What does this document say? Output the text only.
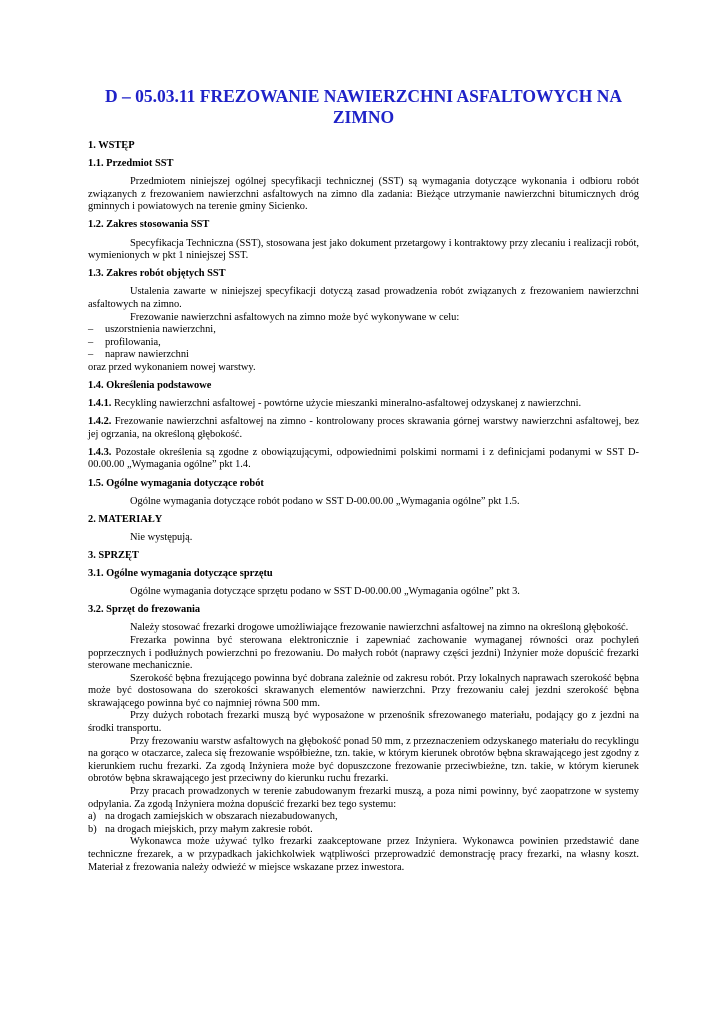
D – 05.03.11 FREZOWANIE NAWIERZCHNI ASFALTOWYCH NA ZIMNO
1. WSTĘP
1.1. Przedmiot SST

Przedmiotem niniejszej ogólnej specyfikacji technicznej (SST) są wymagania dotyczące wykonania i odbioru robót związanych z frezowaniem nawierzchni asfaltowych na zimno dla zadania: Bieżące utrzymanie nawierzchni bitumicznych dróg gminnych i powiatowych na terenie gminy Sicienko.

1.2. Zakres stosowania SST

Specyfikacja Techniczna (SST), stosowana jest jako dokument przetargowy i kontraktowy przy zlecaniu i realizacji robót, wymienionych w pkt 1 niniejszej SST.

1.3. Zakres robót objętych SST

Ustalenia zawarte w niniejszej specyfikacji dotyczą zasad prowadzenia robót związanych z frezowaniem nawierzchni asfaltowych na zimno.

Frezowanie nawierzchni asfaltowych na zimno może być wykonywane w celu:

– uszorstnienia nawierzchni,
– profilowania,
– napraw nawierzchni

oraz przed wykonaniem nowej warstwy.

1.4. Określenia podstawowe

1.4.1. Recykling nawierzchni asfaltowej - powtórne użycie mieszanki mineralno-asfaltowej odzyskanej z nawierzchni.

1.4.2. Frezowanie nawierzchni asfaltowej na zimno - kontrolowany proces skrawania górnej warstwy nawierzchni asfaltowej, bez jej ogrzania, na określoną głębokość.

1.4.3. Pozostałe określenia są zgodne z obowiązującymi, odpowiednimi polskimi normami i z definicjami podanymi w SST D-00.00.00 „Wymagania ogólne” pkt 1.4.

1.5. Ogólne wymagania dotyczące robót

Ogólne wymagania dotyczące robót podano w SST D-00.00.00 „Wymagania ogólne” pkt 1.5.

2. MATERIAŁY

Nie występują.

3. SPRZĘT
3.1. Ogólne wymagania dotyczące sprzętu

Ogólne wymagania dotyczące sprzętu podano w SST D-00.00.00 „Wymagania ogólne” pkt 3.

3.2. Sprzęt do frezowania

Należy stosować frezarki drogowe umożliwiające frezowanie nawierzchni asfaltowej na zimno na określoną głębokość.

Frezarka powinna być sterowana elektronicznie i zapewniać zachowanie wymaganej równości oraz pochyleń poprzecznych i podłużnych powierzchni po frezowaniu. Do małych robót (naprawy części jezdni) Inżynier może dopuścić frezarki sterowane mechanicznie.

Szerokość bębna frezującego powinna być dobrana zależnie od zakresu robót. Przy lokalnych naprawach szerokość bębna może być dostosowana do szerokości skrawanych elementów nawierzchni. Przy frezowaniu całej jezdni szerokość bębna skrawającego powinna być co najmniej równa 500 mm.

Przy dużych robotach frezarki muszą być wyposażone w przenośnik sfrezowanego materiału, podający go z jezdni na środki transportu.

Przy frezowaniu warstw asfaltowych na głębokość ponad 50 mm, z przeznaczeniem odzyskanego materiału do recyklingu na gorąco w otaczarce, zaleca się frezowanie współbieżne, tzn. takie, w którym kierunek obrotów bębna skrawającego jest zgodny z kierunkiem ruchu frezarki. Za zgodą Inżyniera może być dopuszczone frezowanie przeciwbieżne, tzn. takie, w którym kierunek obrotów bębna skrawającego jest przeciwny do kierunku ruchu frezarki.

Przy pracach prowadzonych w terenie zabudowanym frezarki muszą, a poza nimi powinny, być zaopatrzone w systemy odpylania. Za zgodą Inżyniera można dopuścić frezarki bez tego systemu:

a) na drogach zamiejskich w obszarach niezabudowanych,
b) na drogach miejskich, przy małym zakresie robót.

Wykonawca może używać tylko frezarki zaakceptowane przez Inżyniera. Wykonawca powinien przedstawić dane techniczne frezarek, a w przypadkach jakichkolwiek wątpliwości przeprowadzić demonstrację pracy frezarki, na własny koszt. Materiał z frezowania należy odwieźć w miejsce wskazane przez inwestora.
